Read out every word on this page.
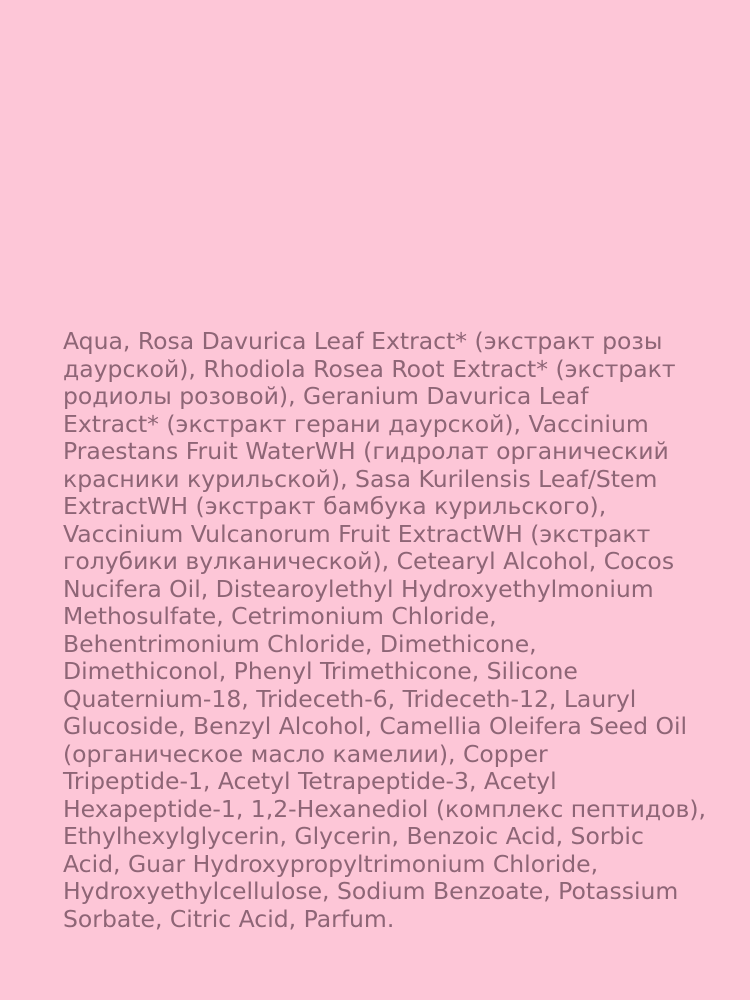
Aqua, Rosa Davurica Leaf Extract* (экстракт розы
даурской), Rhodiola Rosea Root Extract* (экстракт
родиолы розовой), Geranium Davurica Leaf
Extract* (экстракт герани даурской), Vaccinium
Praestans Fruit WaterWH (гидролат органический
красники курильской), Sasa Kurilensis Leaf/Stem
ExtractWH (экстракт бамбука курильского),
Vaccinium Vulcanorum Fruit ExtractWH (экстракт
голубики вулканической), Cetearyl Alcohol, Cocos
Nucifera Oil, Distearoylethyl Hydroxyethylmonium
Methosulfate, Cetrimonium Chloride,
Behentrimonium Chloride, Dimethicone,
Dimethiconol, Phenyl Trimethicone, Silicone
Quaternium-18, Trideceth-6, Trideceth-12, Lauryl
Glucoside, Benzyl Alcohol, Camellia Oleifera Seed Oil
(органическое масло камелии), Copper
Tripeptide-1, Acetyl Tetrapeptide-3, Acetyl
Hexapeptide-1, 1,2-Hexanediol (комплекс пептидов),
Ethylhexylglycerin, Glycerin, Benzoic Acid, Sorbic
Acid, Guar Hydroxypropyltrimonium Chloride,
Hydroxyethylcellulose, Sodium Benzoate, Potassium
Sorbate, Citric Acid, Parfum.
